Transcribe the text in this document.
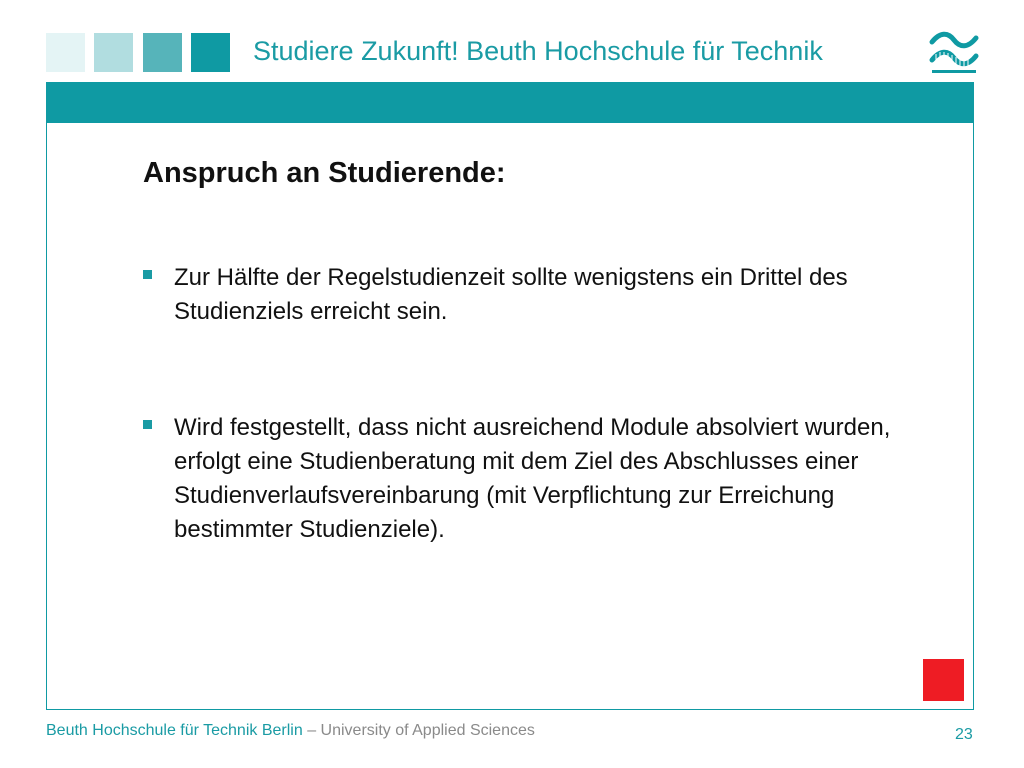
Studiere Zukunft! Beuth Hochschule für Technik
Anspruch an Studierende:
Zur Hälfte der Regelstudienzeit sollte wenigstens ein Drittel des Studienziels erreicht sein.
Wird festgestellt, dass nicht ausreichend Module absolviert wurden, erfolgt eine Studienberatung mit dem Ziel des Abschlusses einer Studienverlaufsvereinbarung (mit Verpflichtung zur Erreichung bestimmter Studienziele).
Beuth Hochschule für Technik Berlin – University of Applied Sciences	23
